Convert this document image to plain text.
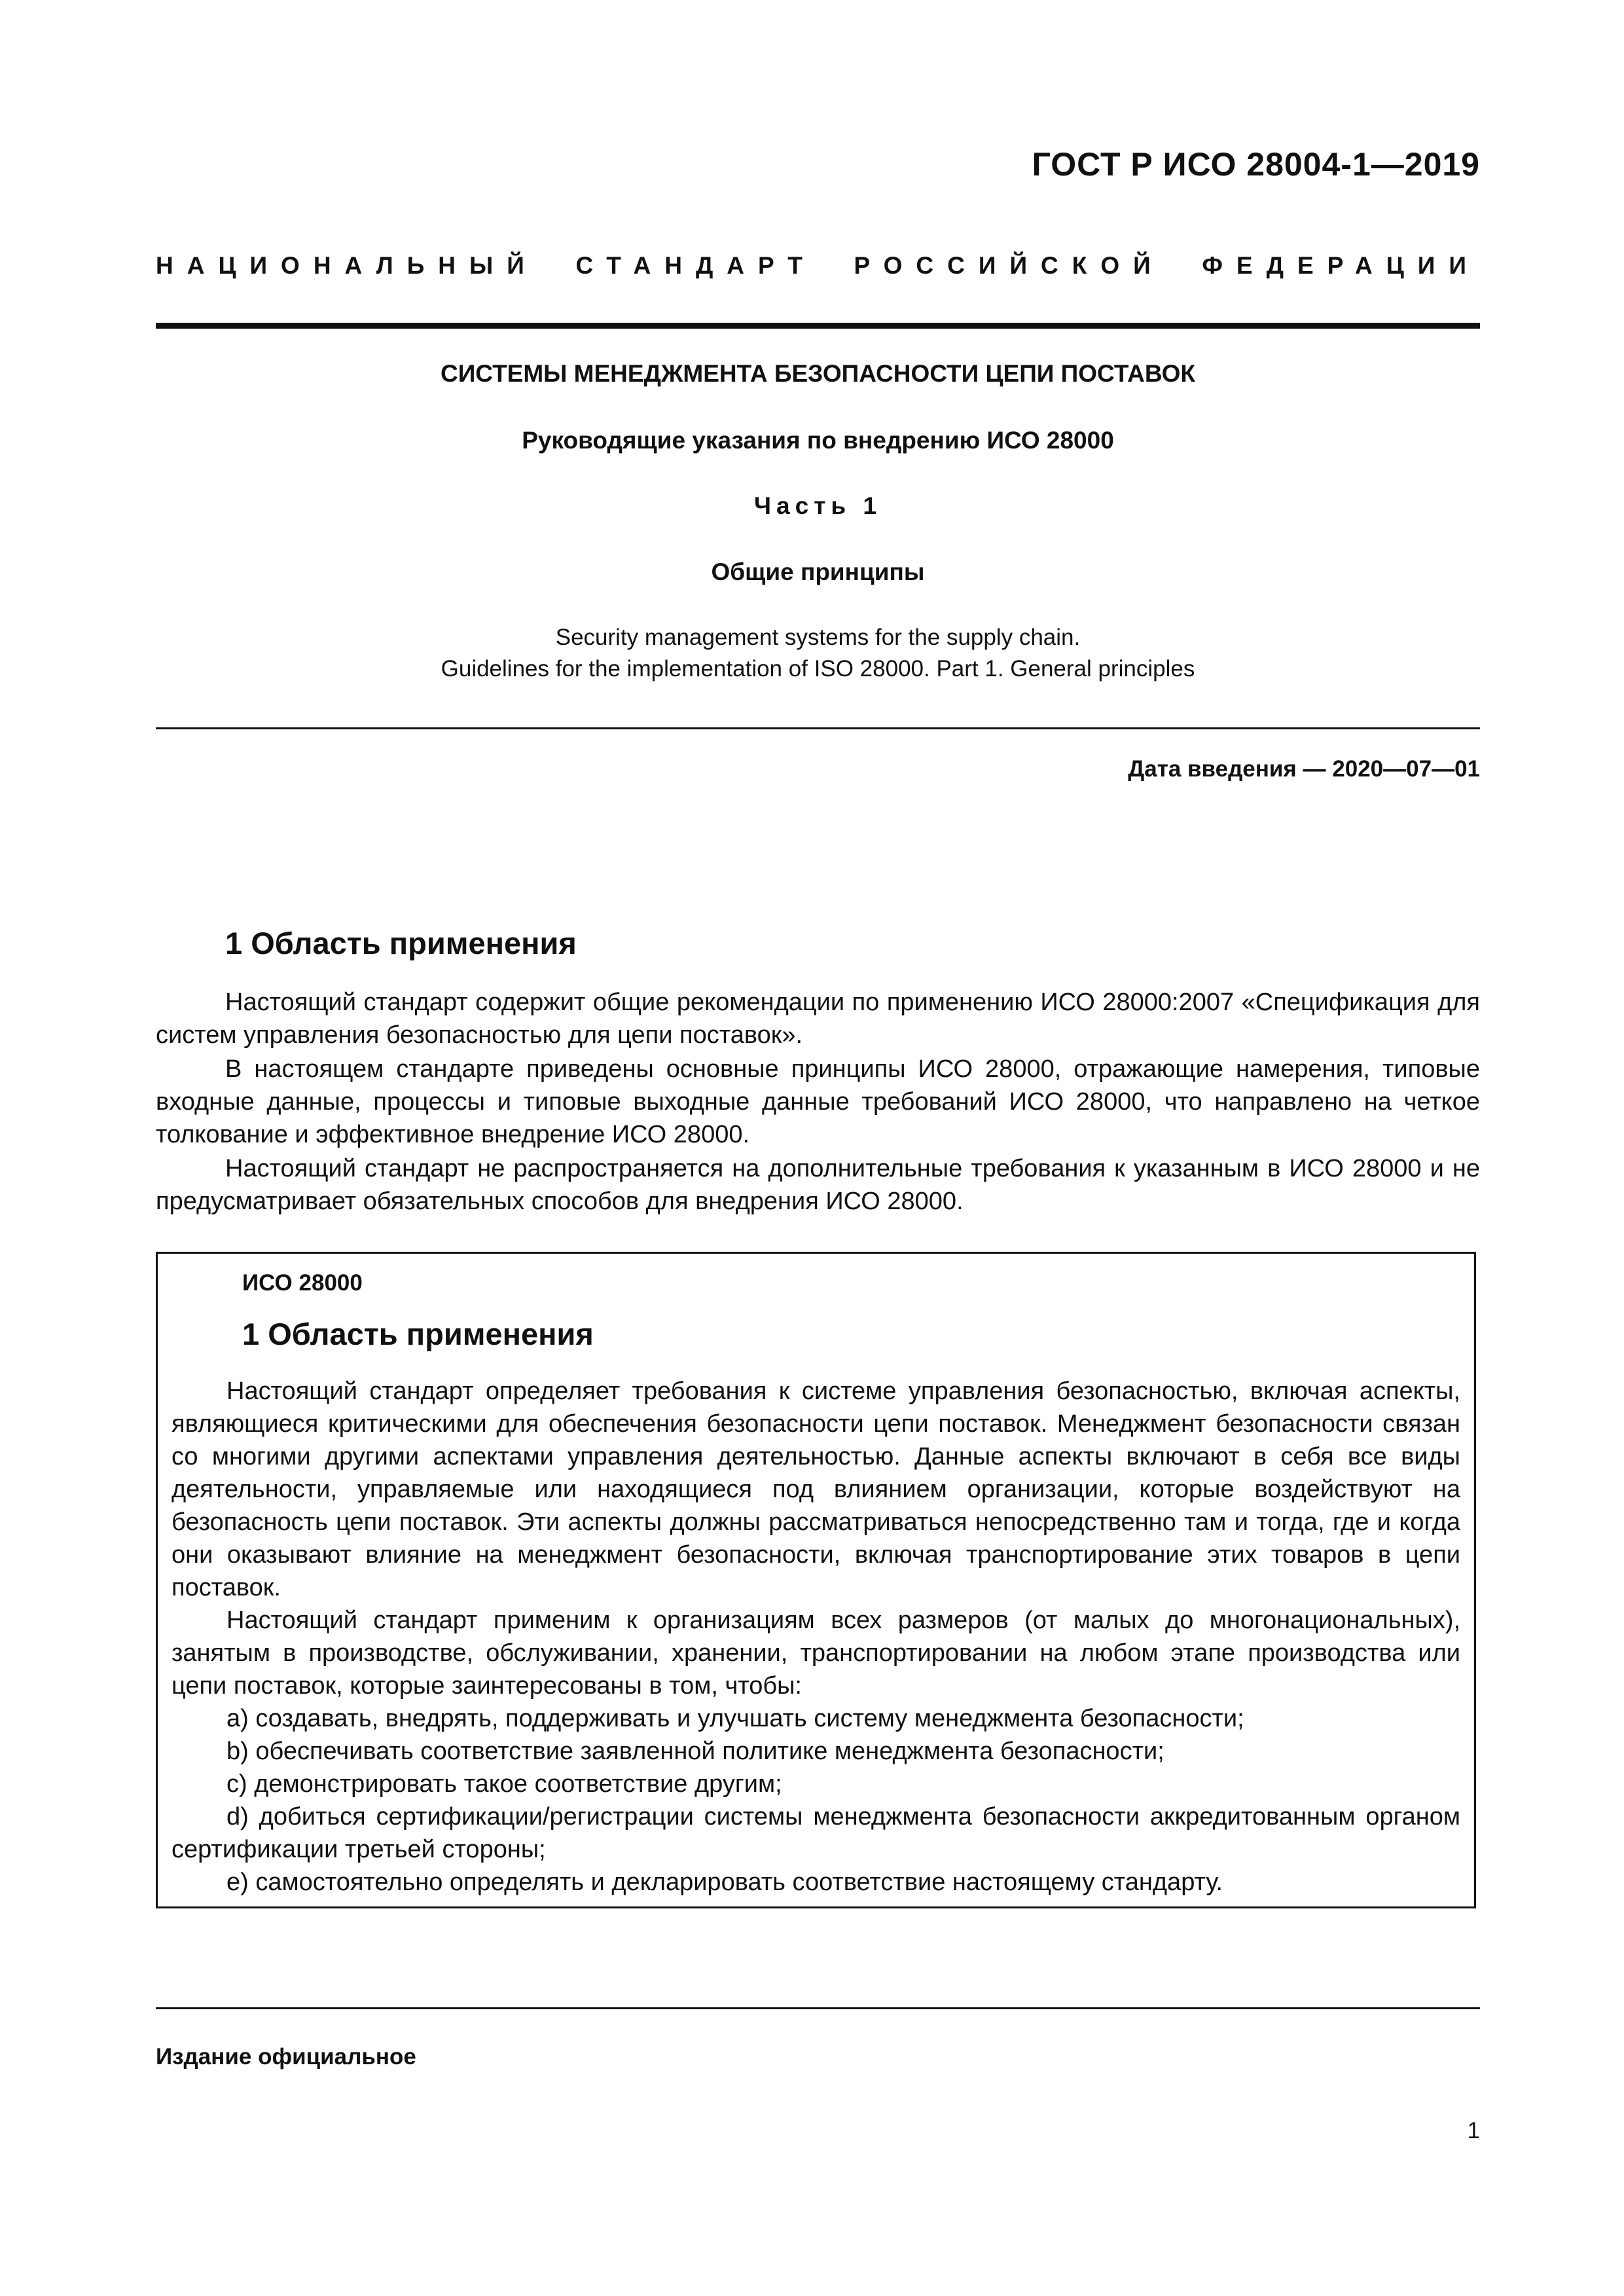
ГОСТ Р ИСО 28004-1—2019
НАЦИОНАЛЬНЫЙ СТАНДАРТ РОССИЙСКОЙ ФЕДЕРАЦИИ
СИСТЕМЫ МЕНЕДЖМЕНТА БЕЗОПАСНОСТИ ЦЕПИ ПОСТАВОК
Руководящие указания по внедрению ИСО 28000
Часть 1
Общие принципы
Security management systems for the supply chain.
Guidelines for the implementation of ISO 28000. Part 1. General principles
Дата введения — 2020—07—01
1 Область применения
Настоящий стандарт содержит общие рекомендации по применению ИСО 28000:2007 «Спецификация для систем управления безопасностью для цепи поставок».
В настоящем стандарте приведены основные принципы ИСО 28000, отражающие намерения, типовые входные данные, процессы и типовые выходные данные требований ИСО 28000, что направлено на четкое толкование и эффективное внедрение ИСО 28000.
Настоящий стандарт не распространяется на дополнительные требования к указанным в ИСО 28000 и не предусматривает обязательных способов для внедрения ИСО 28000.
ИСО 28000
1 Область применения
Настоящий стандарт определяет требования к системе управления безопасностью, включая аспекты, являющиеся критическими для обеспечения безопасности цепи поставок. Менеджмент безопасности связан со многими другими аспектами управления деятельностью. Данные аспекты включают в себя все виды деятельности, управляемые или находящиеся под влиянием организации, которые воздействуют на безопасность цепи поставок. Эти аспекты должны рассматриваться непосредственно там и тогда, где и когда они оказывают влияние на менеджмент безопасности, включая транспортирование этих товаров в цепи поставок.
Настоящий стандарт применим к организациям всех размеров (от малых до многонациональных), занятым в производстве, обслуживании, хранении, транспортировании на любом этапе производства или цепи поставок, которые заинтересованы в том, чтобы:
a) создавать, внедрять, поддерживать и улучшать систему менеджмента безопасности;
b) обеспечивать соответствие заявленной политике менеджмента безопасности;
c) демонстрировать такое соответствие другим;
d) добиться сертификации/регистрации системы менеджмента безопасности аккредитованным органом сертификации третьей стороны;
e) самостоятельно определять и декларировать соответствие настоящему стандарту.
Издание официальное
1
